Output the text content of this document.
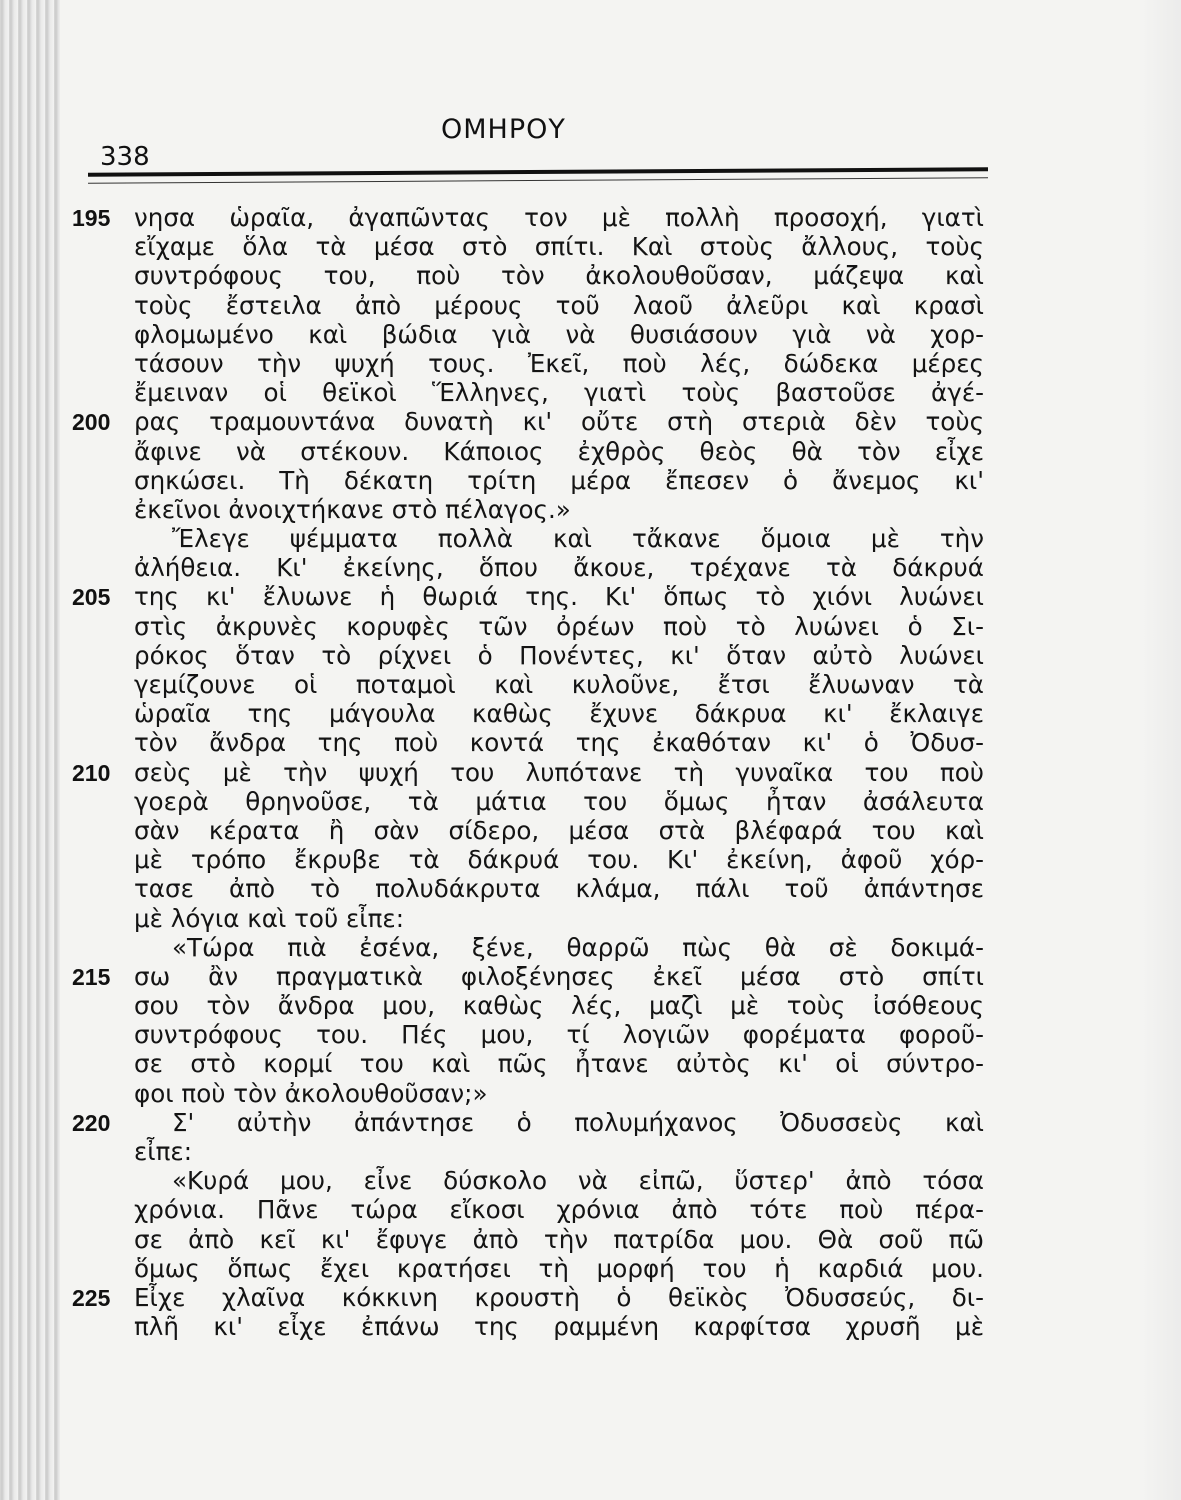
338
ΟΜΗΡΟΥ
195 νησα ὡραῖα, ἀγαπῶντας τον μὲ πολλὴ προσοχή, γιατὶ
εἴχαμε ὅλα τὰ μέσα στὸ σπίτι. Καὶ στοὺς ἄλλους, τοὺς
συντρόφους του, ποὺ τὸν ἀκολουθοῦσαν, μάζεψα καὶ
τοὺς ἔστειλα ἀπὸ μέρους τοῦ λαοῦ ἀλεῦρι καὶ κρασὶ
φλομωμένο καὶ βώδια γιὰ νὰ θυσιάσουν γιὰ νὰ χορ-
τάσουν τὴν ψυχή τους. Ἐκεῖ, ποὺ λές, δώδεκα μέρες
ἔμειναν οἱ θεϊκοὶ Ἕλληνες, γιατὶ τοὺς βαστοῦσε ἀγέ-
200 ρας τραμουντάνα δυνατὴ κι' οὔτε στὴ στεριὰ δὲν τοὺς
ἄφινε νὰ στέκουν. Κάποιος ἐχθρὸς θεὸς θὰ τὸν εἶχε
σηκώσει. Τὴ δέκατη τρίτη μέρα ἔπεσεν ὁ ἄνεμος κι'
ἐκεῖνοι ἀνοιχτήκανε στὸ πέλαγος.»
Ἔλεγε ψέμματα πολλὰ καὶ τἄκανε ὅμοια μὲ τὴν
ἀλήθεια. Κι' ἐκείνης, ὅπου ἄκουε, τρέχανε τὰ δάκρυά
205 της κι' ἔλυωνε ἡ θωριά της. Κι' ὅπως τὸ χιόνι λυώνει
στὶς ἀκρυνὲς κορυφὲς τῶν ὀρέων ποὺ τὸ λυώνει ὁ Σι-
ρόκος ὅταν τὸ ρίχνει ὁ Πονέντες, κι' ὅταν αὐτὸ λυώνει
γεμίζουνε οἱ ποταμοὶ καὶ κυλοῦνε, ἔτσι ἔλυωναν τὰ
ὡραῖα της μάγουλα καθὼς ἔχυνε δάκρυα κι' ἔκλαιγε
τὸν ἄνδρα της ποὺ κοντά της ἐκαθόταν κι' ὁ Ὀδυσ-
210 σεὺς μὲ τὴν ψυχή του λυπότανε τὴ γυναῖκα του ποὺ
γοερὰ θρηνοῦσε, τὰ μάτια του ὅμως ἦταν ἀσάλευτα
σὰν κέρατα ἢ σὰν σίδερο, μέσα στὰ βλέφαρά του καὶ
μὲ τρόπο ἔκρυβε τὰ δάκρυά του. Κι' ἐκείνη, ἀφοῦ χόρ-
τασε ἀπὸ τὸ πολυδάκρυτα κλάμα, πάλι τοῦ ἀπάντησε
μὲ λόγια καὶ τοῦ εἶπε:
«Τώρα πιὰ ἐσένα, ξένε, θαρρῶ πὼς θὰ σὲ δοκιμά-
215 σω ἂν πραγματικὰ φιλοξένησες ἐκεῖ μέσα στὸ σπίτι
σου τὸν ἄνδρα μου, καθὼς λές, μαζὶ μὲ τοὺς ἰσόθεους
συντρόφους του. Πές μου, τί λογιῶν φορέματα φοροῦ-
σε στὸ κορμί του καὶ πῶς ἦτανε αὐτὸς κι' οἱ σύντρο-
φοι ποὺ τὸν ἀκολουθοῦσαν;»
220	Σ' αὐτὴν ἀπάντησε ὁ πολυμήχανος Ὀδυσσεὺς καὶ
εἶπε:
«Κυρά μου, εἶνε δύσκολο νὰ εἰπῶ, ὕστερ' ἀπὸ τόσα
χρόνια. Πᾶνε τώρα εἴκοσι χρόνια ἀπὸ τότε ποὺ πέρα-
σε ἀπὸ κεῖ κι' ἔφυγε ἀπὸ τὴν πατρίδα μου. Θὰ σοῦ πῶ
ὅμως ὅπως ἔχει κρατήσει τὴ μορφή του ἡ καρδιά μου.
225 Εἶχε χλαῖνα κόκκινη κρουστὴ ὁ θεϊκὸς Ὀδυσσεύς, δι-
πλῆ κι' εἶχε ἐπάνω της ραμμένη καρφίτσα χρυσῆ μὲ
